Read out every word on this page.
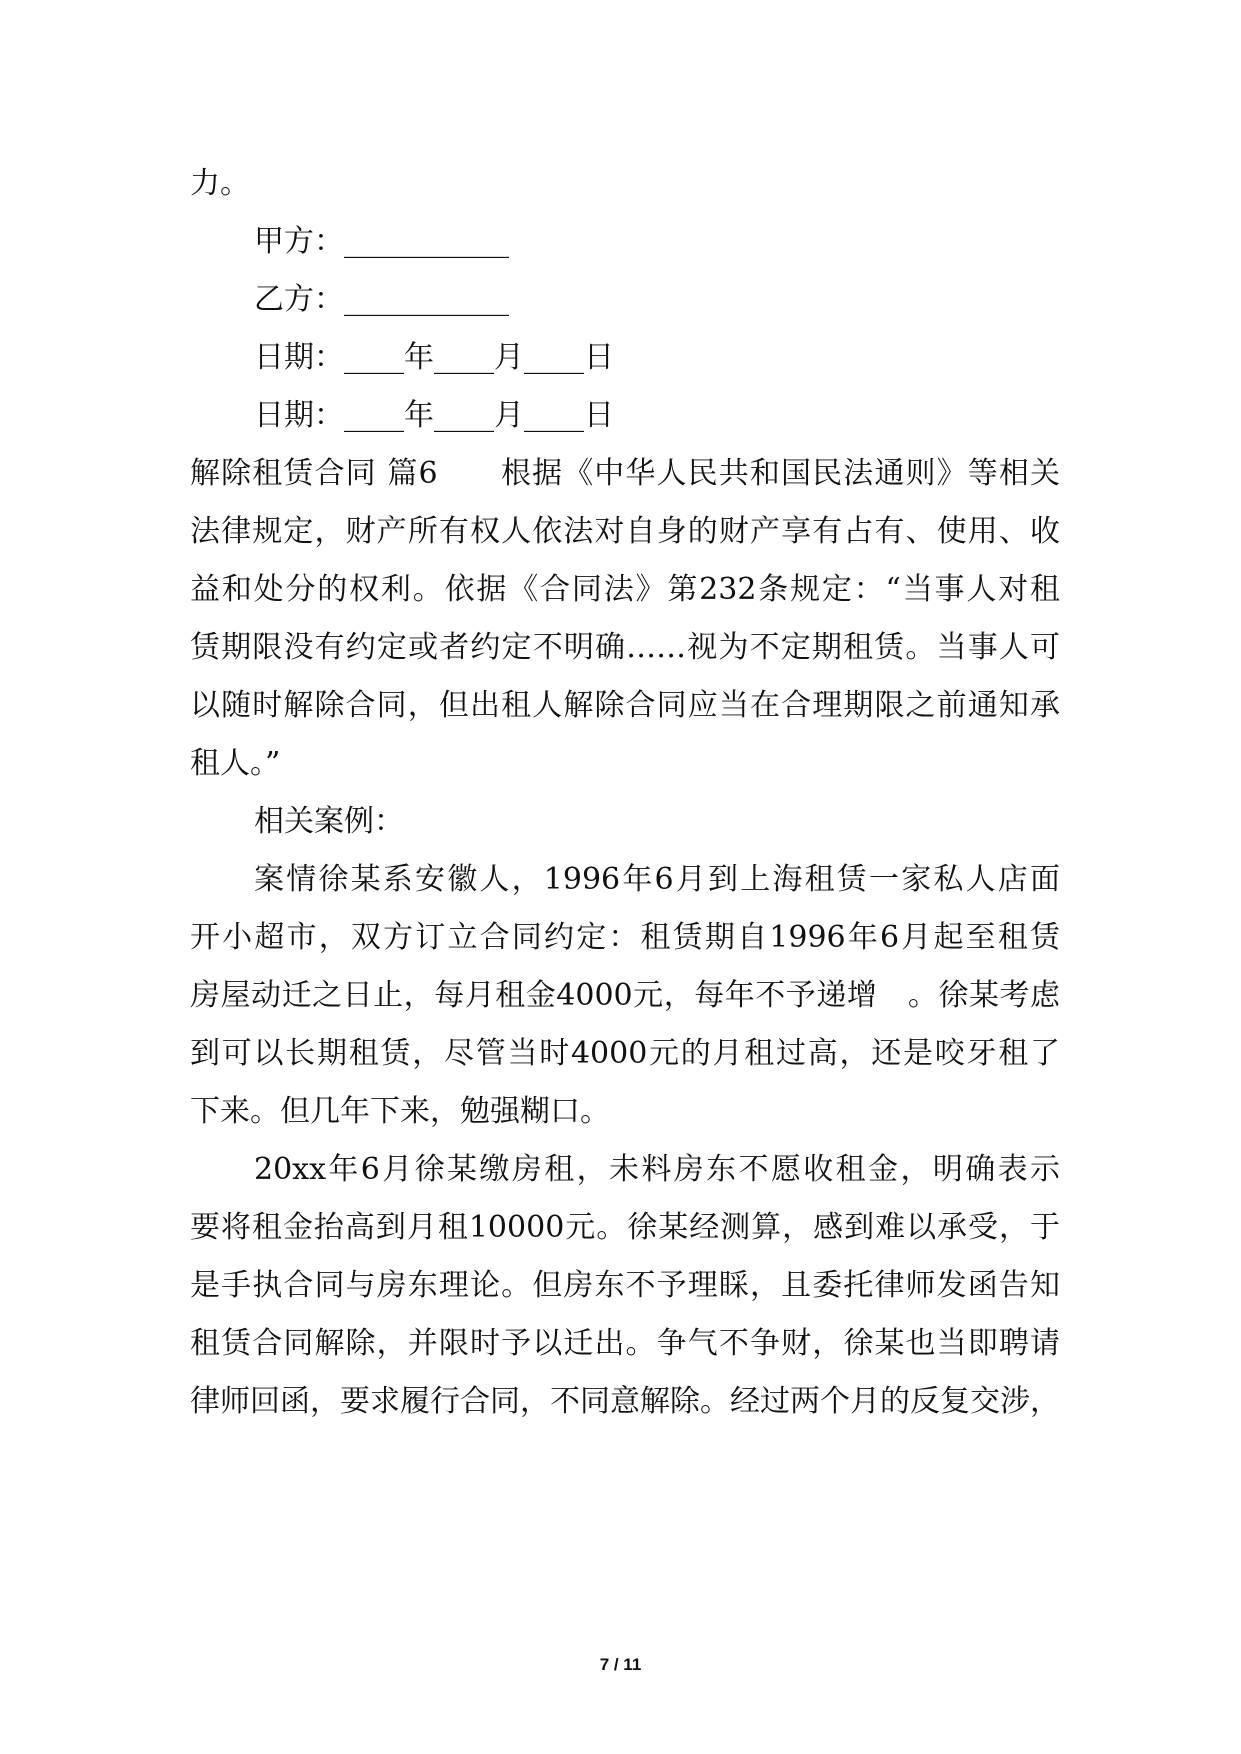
力。
甲方：___________
乙方：___________
日期：____年____月____日
日期：____年____月____日
解除租赁合同 篇6　　根据《中华人民共和国民法通则》等相关
法律规定，财产所有权人依法对自身的财产享有占有、使用、收
益和处分的权利。依据《合同法》第232条规定：“当事人对租
赁期限没有约定或者约定不明确……视为不定期租赁。当事人可
以随时解除合同，但出租人解除合同应当在合理期限之前通知承
租人。”
相关案例：
案情徐某系安徽人，1996年6月到上海租赁一家私人店面
开小超市，双方订立合同约定：租赁期自1996年6月起至租赁
房屋动迁之日止，每月租金4000元，每年不予递增　。徐某考虑
到可以长期租赁，尽管当时4000元的月租过高，还是咬牙租了
下来。但几年下来，勉强糊口。
20xx年6月徐某缴房租，未料房东不愿收租金，明确表示
要将租金抬高到月租10000元。徐某经测算，感到难以承受，于
是手执合同与房东理论。但房东不予理睬，且委托律师发函告知
租赁合同解除，并限时予以迁出。争气不争财，徐某也当即聘请
律师回函，要求履行合同，不同意解除。经过两个月的反复交涉，
7 / 11
